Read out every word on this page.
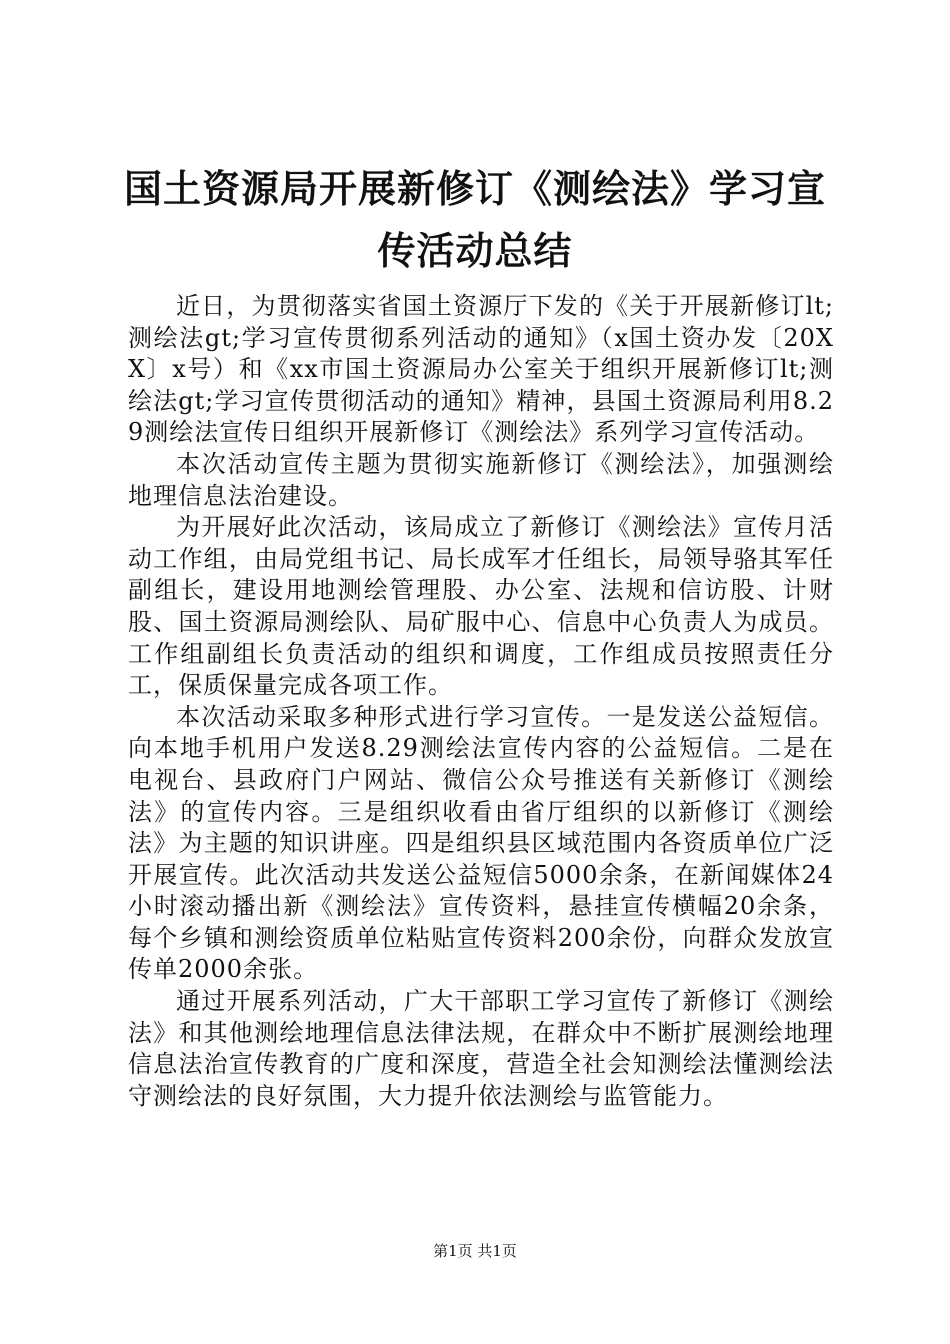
国土资源局开展新修订《测绘法》学习宣传活动总结

近日，为贯彻落实省国土资源厅下发的《关于开展新修订lt;测绘法gt;学习宣传贯彻系列活动的通知》（x国土资办发〔20XX〕x号）和《xx市国土资源局办公室关于组织开展新修订lt;测绘法gt;学习宣传贯彻活动的通知》精神，县国土资源局利用8.29测绘法宣传日组织开展新修订《测绘法》系列学习宣传活动。

本次活动宣传主题为贯彻实施新修订《测绘法》，加强测绘地理信息法治建设。

为开展好此次活动，该局成立了新修订《测绘法》宣传月活动工作组，由局党组书记、局长成军才任组长，局领导骆其军任副组长，建设用地测绘管理股、办公室、法规和信访股、计财股、国土资源局测绘队、局矿服中心、信息中心负责人为成员。工作组副组长负责活动的组织和调度，工作组成员按照责任分工，保质保量完成各项工作。

本次活动采取多种形式进行学习宣传。一是发送公益短信。向本地手机用户发送8.29测绘法宣传内容的公益短信。二是在电视台、县政府门户网站、微信公众号推送有关新修订《测绘法》的宣传内容。三是组织收看由省厅组织的以新修订《测绘法》为主题的知识讲座。四是组织县区域范围内各资质单位广泛开展宣传。此次活动共发送公益短信5000余条，在新闻媒体24小时滚动播出新《测绘法》宣传资料，悬挂宣传横幅20余条，每个乡镇和测绘资质单位粘贴宣传资料200余份，向群众发放宣传单2000余张。

通过开展系列活动，广大干部职工学习宣传了新修订《测绘法》和其他测绘地理信息法律法规，在群众中不断扩展测绘地理信息法治宣传教育的广度和深度，营造全社会知测绘法懂测绘法守测绘法的良好氛围，大力提升依法测绘与监管能力。

第1页 共1页
